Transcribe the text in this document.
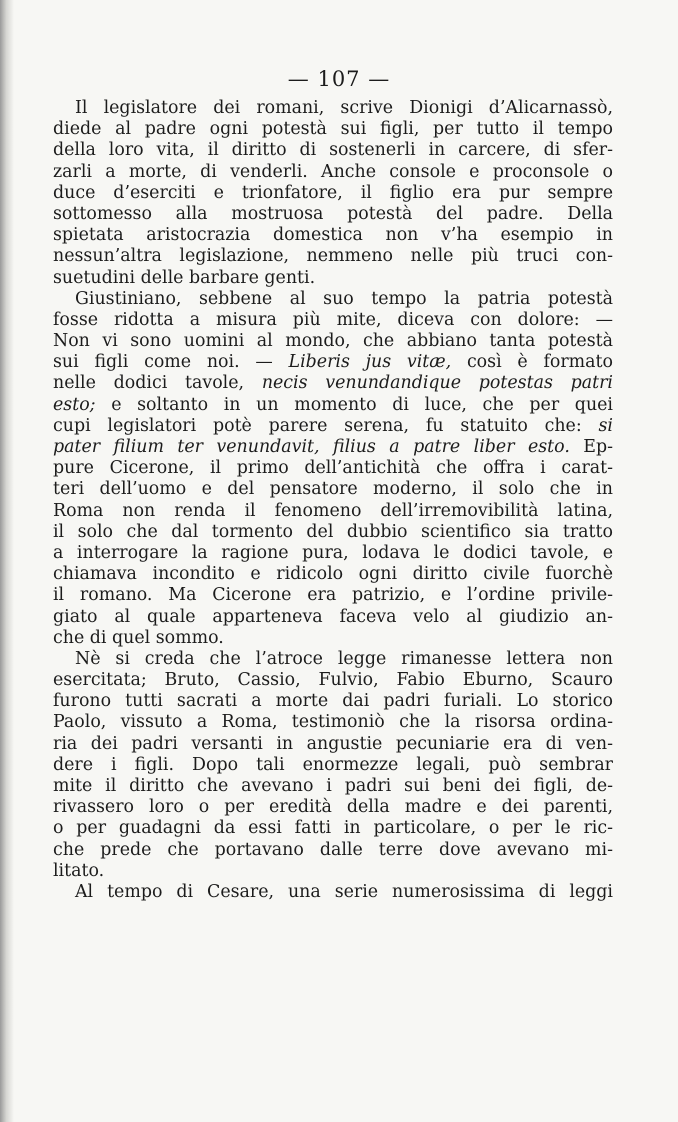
— 107 —
Il legislatore dei romani, scrive Dionigi d’Alicarnassò,
diede al padre ogni potestà sui figli, per tutto il tempo
della loro vita, il diritto di sostenerli in carcere, di sfer-
zarli a morte, di venderli. Anche console e proconsole o
duce d’eserciti e trionfatore, il figlio era pur sempre
sottomesso alla mostruosa potestà del padre. Della
spietata aristocrazia domestica non v’ha esempio in
nessun’altra legislazione, nemmeno nelle più truci con-
suetudini delle barbare genti.
Giustiniano, sebbene al suo tempo la patria potestà
fosse ridotta a misura più mite, diceva con dolore: —
Non vi sono uomini al mondo, che abbiano tanta potestà
sui figli come noi. — Liberis jus vitæ, così è formato
nelle dodici tavole, necis venundandique potestas patri
esto; e soltanto in un momento di luce, che per quei
cupi legislatori potè parere serena, fu statuito che: si
pater filium ter venundavit, filius a patre liber esto. Ep-
pure Cicerone, il primo dell’antichità che offra i carat-
teri dell’uomo e del pensatore moderno, il solo che in
Roma non renda il fenomeno dell’irremovibilità latina,
il solo che dal tormento del dubbio scientifico sia tratto
a interrogare la ragione pura, lodava le dodici tavole, e
chiamava incondito e ridicolo ogni diritto civile fuorchè
il romano. Ma Cicerone era patrizio, e l’ordine privile-
giato al quale apparteneva faceva velo al giudizio an-
che di quel sommo.
Nè si creda che l’atroce legge rimanesse lettera non
esercitata; Bruto, Cassio, Fulvio, Fabio Eburno, Scauro
furono tutti sacrati a morte dai padri furiali. Lo storico
Paolo, vissuto a Roma, testimoniò che la risorsa ordina-
ria dei padri versanti in angustie pecuniarie era di ven-
dere i figli. Dopo tali enormezze legali, può sembrar
mite il diritto che avevano i padri sui beni dei figli, de-
rivassero loro o per eredità della madre e dei parenti,
o per guadagni da essi fatti in particolare, o per le ric-
che prede che portavano dalle terre dove avevano mi-
litato.
Al tempo di Cesare, una serie numerosissima di leggi
